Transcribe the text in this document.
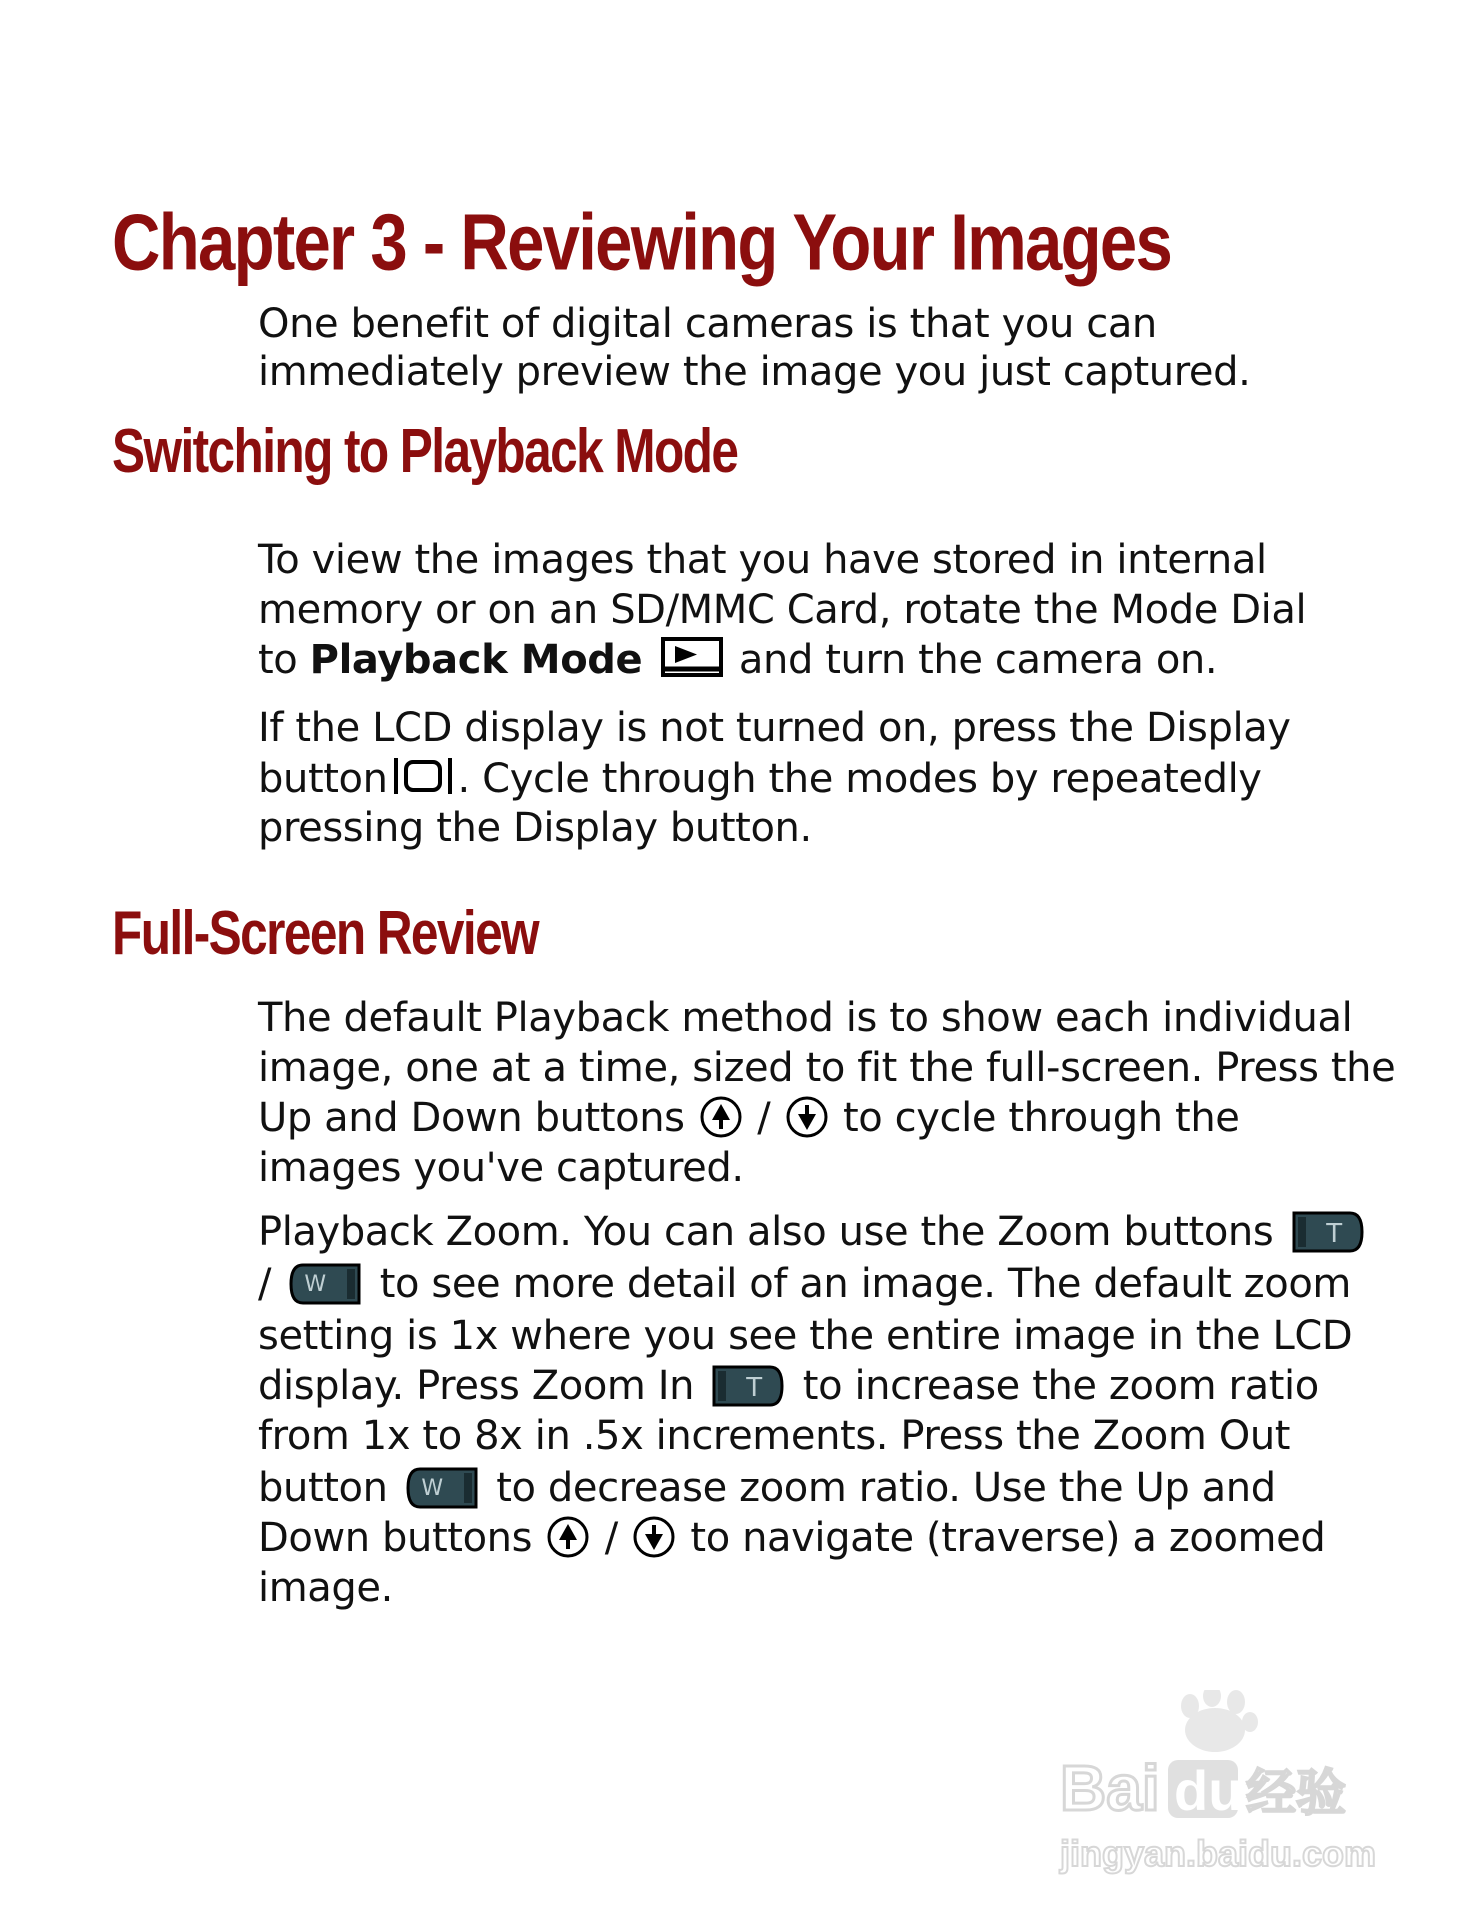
Chapter 3 - Reviewing Your Images
One benefit of digital cameras is that you can
immediately preview the image you just captured.
Switching to Playback Mode
To view the images that you have stored in internal
memory or on an SD/MMC Card, rotate the Mode Dial
to Playback Mode and turn the camera on.
If the LCD display is not turned on, press the Display
button . Cycle through the modes by repeatedly
pressing the Display button.
Full-Screen Review
The default Playback method is to show each individual
image, one at a time, sized to fit the full-screen. Press the
Up and Down buttons / to cycle through the
images you've captured.
Playback Zoom. You can also use the Zoom buttons T
/ W to see more detail of an image. The default zoom
setting is 1x where you see the entire image in the LCD
display. Press Zoom In T to increase the zoom ratio
from 1x to 8x in .5x increments. Press the Zoom Out
button W to decrease zoom ratio. Use the Up and
Down buttons / to navigate (traverse) a zoomed
image.
Bai du 经验
jingyan.baidu.com
